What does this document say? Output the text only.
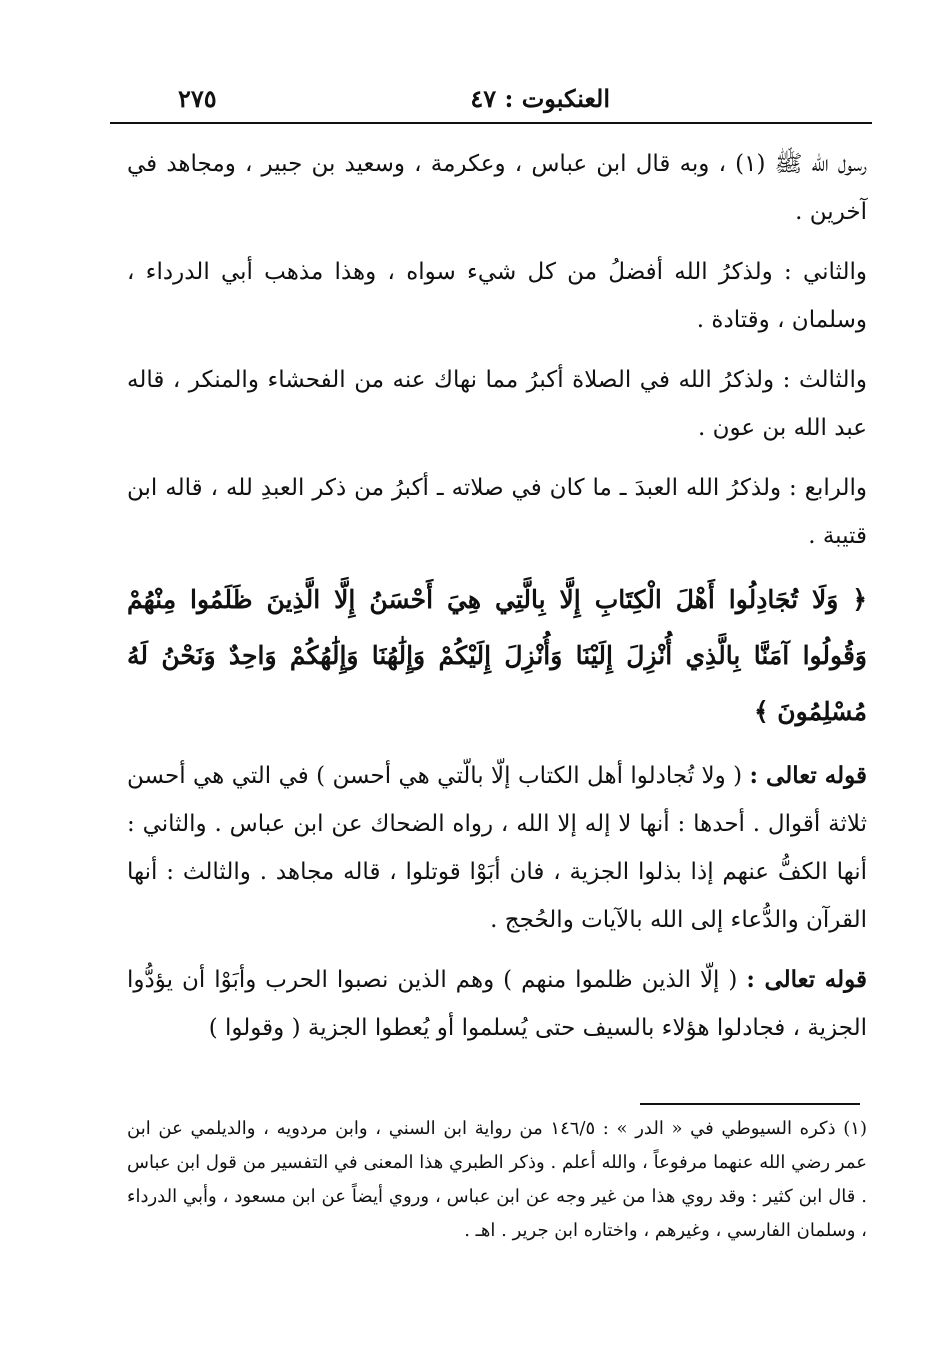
العنكبوت : ٤٧
٢٧٥

رسول الله ﷺ (١) ، وبه قال ابن عباس ، وعكرمة ، وسعيد بن جبير ، ومجاهد في آخرين .

والثاني : ولذكرُ الله أفضلُ من كل شيء سواه ، وهذا مذهب أبي الدرداء ، وسلمان ، وقتادة .

والثالث : ولذكرُ الله في الصلاة أكبرُ مما نهاك عنه من الفحشاء والمنكر ، قاله عبد الله بن عون .

والرابع : ولذكرُ الله العبدَ ـ ما كان في صلاته ـ أكبرُ من ذكر العبدِ لله ، قاله ابن قتيبة .

﴿ وَلَا تُجَادِلُوا أَهْلَ الْكِتَابِ إِلَّا بِالَّتِي هِيَ أَحْسَنُ إِلَّا الَّذِينَ ظَلَمُوا مِنْهُمْ وَقُولُوا آمَنَّا بِالَّذِي أُنْزِلَ إِلَيْنَا وَأُنْزِلَ إِلَيْكُمْ وَإِلَٰهُنَا وَإِلَٰهُكُمْ وَاحِدٌ وَنَحْنُ لَهُ مُسْلِمُونَ ﴾

قوله تعالى : ( ولا تُجادلوا أهل الكتاب إلّا بالّتي هي أحسن ) في التي هي أحسن ثلاثة أقوال . أحدها : أنها لا إله إلا الله ، رواه الضحاك عن ابن عباس . والثاني : أنها الكفُّ عنهم إذا بذلوا الجزية ، فان أبَوْا قوتلوا ، قاله مجاهد . والثالث : أنها القرآن والدُّعاء إلى الله بالآيات والحُجج .

قوله تعالى : ( إلّا الذين ظلموا منهم ) وهم الذين نصبوا الحرب وأبَوْا أن يؤدُّوا الجزية ، فجادلوا هؤلاء بالسيف حتى يُسلموا أو يُعطوا الجزية ( وقولوا )

(١) ذكره السيوطي في « الدر » : ١٤٦/٥ من رواية ابن السني ، وابن مردويه ، والديلمي عن ابن عمر رضي الله عنهما مرفوعاً ، والله أعلم . وذكر الطبري هذا المعنى في التفسير من قول ابن عباس . قال ابن كثير : وقد روي هذا من غير وجه عن ابن عباس ، وروي أيضاً عن ابن مسعود ، وأبي الدرداء ، وسلمان الفارسي ، وغيرهم ، واختاره ابن جرير . اهـ .
